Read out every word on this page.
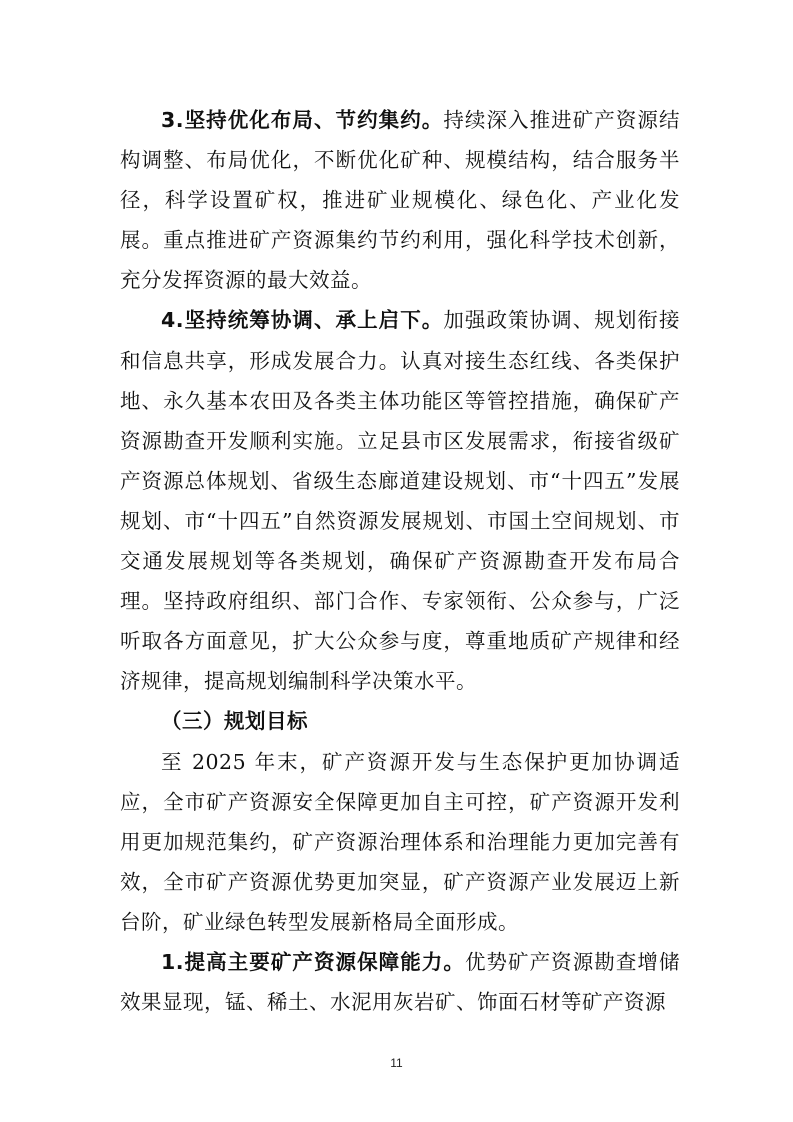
3.坚持优化布局、节约集约。持续深入推进矿产资源结构调整、布局优化，不断优化矿种、规模结构，结合服务半径，科学设置矿权，推进矿业规模化、绿色化、产业化发展。重点推进矿产资源集约节约利用，强化科学技术创新，充分发挥资源的最大效益。

4.坚持统筹协调、承上启下。加强政策协调、规划衔接和信息共享，形成发展合力。认真对接生态红线、各类保护地、永久基本农田及各类主体功能区等管控措施，确保矿产资源勘查开发顺利实施。立足县市区发展需求，衔接省级矿产资源总体规划、省级生态廊道建设规划、市“十四五”发展规划、市“十四五”自然资源发展规划、市国土空间规划、市交通发展规划等各类规划，确保矿产资源勘查开发布局合理。坚持政府组织、部门合作、专家领衔、公众参与，广泛听取各方面意见，扩大公众参与度，尊重地质矿产规律和经济规律，提高规划编制科学决策水平。

（三）规划目标

至 2025 年末，矿产资源开发与生态保护更加协调适应，全市矿产资源安全保障更加自主可控，矿产资源开发利用更加规范集约，矿产资源治理体系和治理能力更加完善有效，全市矿产资源优势更加突显，矿产资源产业发展迈上新台阶，矿业绿色转型发展新格局全面形成。

1.提高主要矿产资源保障能力。优势矿产资源勘查增储效果显现，锰、稀土、水泥用灰岩矿、饰面石材等矿产资源

11
